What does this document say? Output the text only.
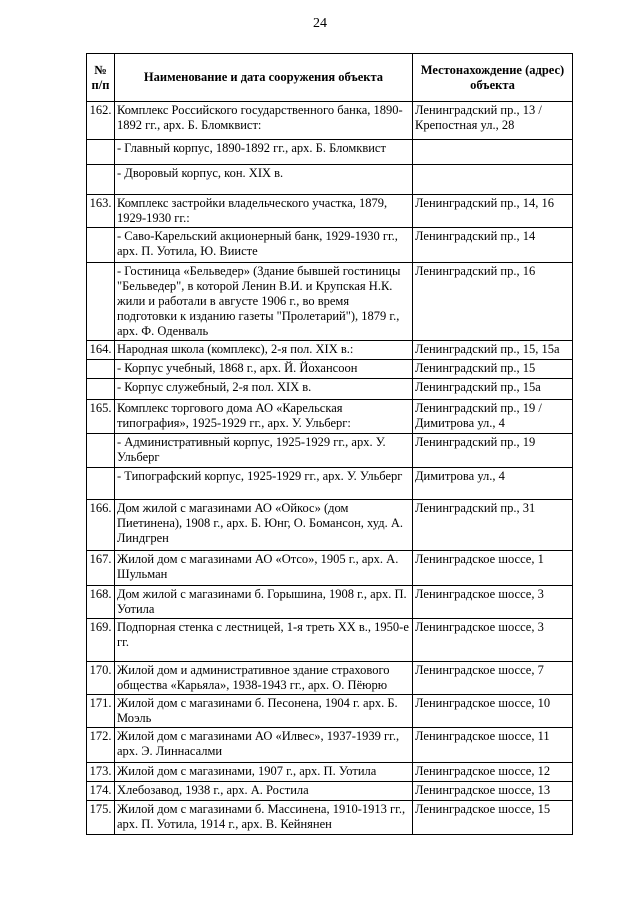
24
№ п/п	Наименование и дата сооружения объекта	Местонахождение (адрес) объекта
162.	Комплекс Российского государственного банка, 1890-1892 гг., арх. Б. Бломквист:	Ленинградский пр., 13 / Крепостная ул., 28
	- Главный корпус, 1890-1892 гг., арх. Б. Бломквист	
	- Дворовый корпус, кон. XIX в.	
163.	Комплекс застройки владельческого участка, 1879, 1929-1930 гг.:	Ленинградский пр., 14, 16
	- Саво-Карельский акционерный банк, 1929-1930 гг., арх. П. Уотила, Ю. Виисте	Ленинградский пр., 14
	- Гостиница «Бельведер» (Здание бывшей гостиницы "Бельведер", в которой Ленин В.И. и Крупская Н.К. жили и работали в августе 1906 г., во время подготовки к изданию газеты "Пролетарий"), 1879 г., арх. Ф. Оденваль	Ленинградский пр., 16
164.	Народная школа (комплекс), 2-я пол. XIX в.:	Ленинградский пр., 15, 15а
	- Корпус учебный, 1868 г., арх. Й. Йохансоон	Ленинградский пр., 15
	- Корпус служебный, 2-я пол. XIX в.	Ленинградский пр., 15а
165.	Комплекс торгового дома АО «Карельская типография», 1925-1929 гг., арх. У. Ульберг:	Ленинградский пр., 19 / Димитрова ул., 4
	- Административный корпус, 1925-1929 гг., арх. У. Ульберг	Ленинградский пр., 19
	- Типографский корпус, 1925-1929 гг., арх. У. Ульберг	Димитрова ул., 4
166.	Дом жилой с магазинами АО «Ойкос» (дом Пиетинена), 1908 г., арх. Б. Юнг, О. Бомансон, худ. А. Линдгрен	Ленинградский пр., 31
167.	Жилой дом с магазинами АО «Отсо», 1905 г., арх. А. Шульман	Ленинградское шоссе, 1
168.	Дом жилой с магазинами б. Горышина, 1908 г., арх. П. Уотила	Ленинградское шоссе, 3
169.	Подпорная стенка с лестницей, 1-я треть XX в., 1950-е гг.	Ленинградское шоссе, 3
170.	Жилой дом и административное здание страхового общества «Карьяла», 1938-1943 гг., арх. О. Пёюрю	Ленинградское шоссе, 7
171.	Жилой дом с магазинами б. Песонена, 1904 г. арх. Б. Моэль	Ленинградское шоссе, 10
172.	Жилой дом с магазинами АО «Илвес», 1937-1939 гг., арх. Э. Линнасалми	Ленинградское шоссе, 11
173.	Жилой дом с магазинами, 1907 г., арх. П. Уотила	Ленинградское шоссе, 12
174.	Хлебозавод, 1938 г., арх. А. Ростила	Ленинградское шоссе, 13
175.	Жилой дом с магазинами б. Массинена, 1910-1913 гг., арх. П. Уотила, 1914 г., арх. В. Кейнянен	Ленинградское шоссе, 15
